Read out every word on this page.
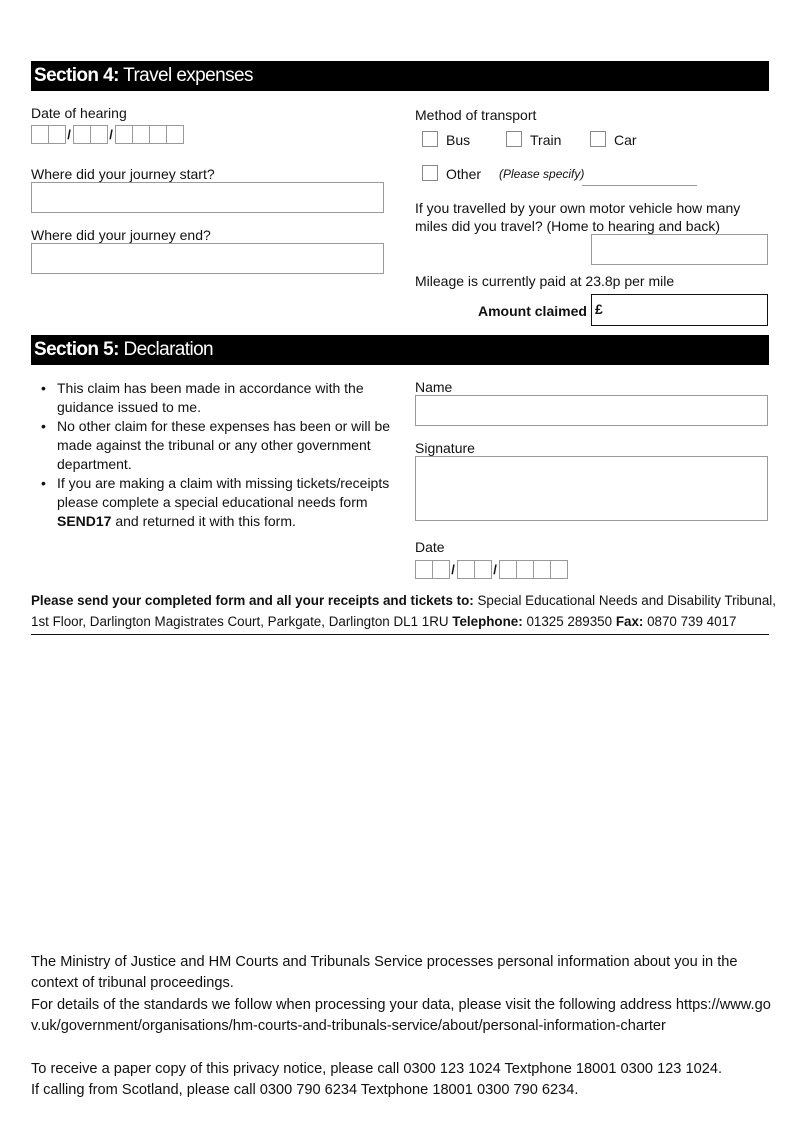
Section 4: Travel expenses
Date of hearing
/	/
Where did your journey start?
Where did your journey end?
Method of transport
Bus	Train	Car
Other (Please specify)
If you travelled by your own motor vehicle how many miles did you travel? (Home to hearing and back)
Mileage is currently paid at 23.8p per mile
Amount claimed £
Section 5: Declaration
• This claim has been made in accordance with the guidance issued to me.
• No other claim for these expenses has been or will be made against the tribunal or any other government department.
• If you are making a claim with missing tickets/receipts please complete a special educational needs form SEND17 and returned it with this form.
Name
Signature
Date
/	/
Please send your completed form and all your receipts and tickets to: Special Educational Needs and Disability Tribunal, 1st Floor, Darlington Magistrates Court, Parkgate, Darlington DL1 1RU Telephone: 01325 289350 Fax: 0870 739 4017
The Ministry of Justice and HM Courts and Tribunals Service processes personal information about you in the context of tribunal proceedings.
For details of the standards we follow when processing your data, please visit the following address https://www.gov.uk/government/organisations/hm-courts-and-tribunals-service/about/personal-information-charter
To receive a paper copy of this privacy notice, please call 0300 123 1024 Textphone 18001 0300 123 1024.
If calling from Scotland, please call 0300 790 6234 Textphone 18001 0300 790 6234.
